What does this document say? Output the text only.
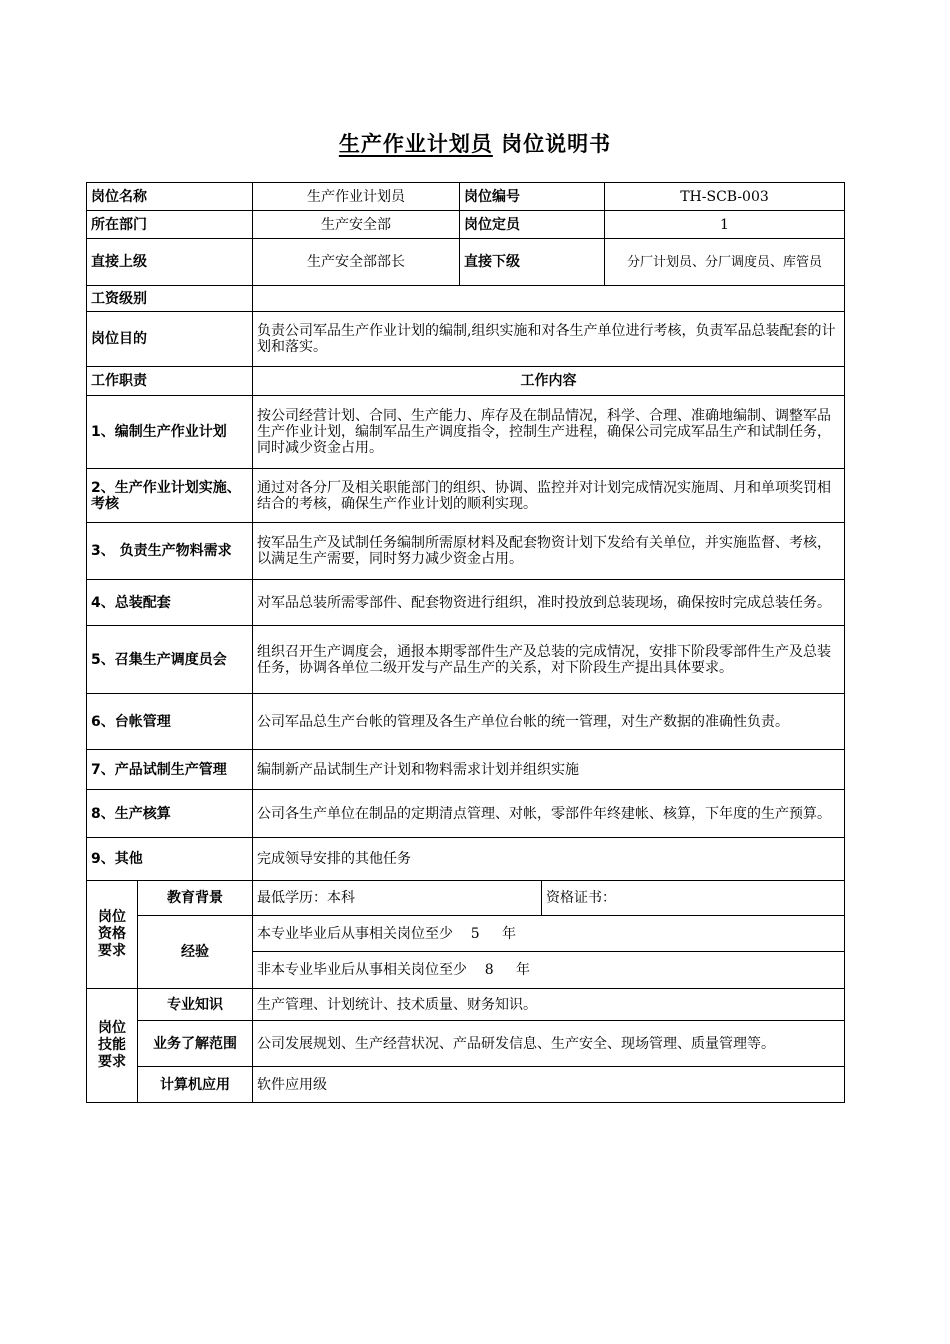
生产作业计划员 岗位说明书
岗位名称		生产作业计划员	岗位编号		TH-SCB-003
所在部门		生产安全部	岗位定员		1
直接上级		生产安全部部长	直接下级		分厂计划员、分厂调度员、库管员
工资级别					
岗位目的		负责公司军品生产作业计划的编制,组织实施和对各生产单位进行考核，负责军品总装配套的计划和落实。			
工作职责		工作内容			
1、编制生产作业计划		按公司经营计划、合同、生产能力、库存及在制品情况，科学、合理、准确地编制、调整军品生产作业计划，编制军品生产调度指令，控制生产进程，确保公司完成军品生产和试制任务，同时减少资金占用。			
2、生产作业计划实施、考核		通过对各分厂及相关职能部门的组织、协调、监控并对计划完成情况实施周、月和单项奖罚相结合的考核，确保生产作业计划的顺利实现。			
3、 负责生产物料需求		按军品生产及试制任务编制所需原材料及配套物资计划下发给有关单位，并实施监督、考核，以满足生产需要，同时努力减少资金占用。			
4、总装配套		对军品总装所需零部件、配套物资进行组织，准时投放到总装现场，确保按时完成总装任务。			
5、召集生产调度员会		组织召开生产调度会，通报本期零部件生产及总装的完成情况，安排下阶段零部件生产及总装任务，协调各单位二级开发与产品生产的关系，对下阶段生产提出具体要求。			
6、台帐管理		公司军品总生产台帐的管理及各生产单位台帐的统一管理，对生产数据的准确性负责。			
7、产品试制生产管理		编制新产品试制生产计划和物料需求计划并组织实施			
8、生产核算		公司各生产单位在制品的定期清点管理、对帐，零部件年终建帐、核算，下年度的生产预算。			
9、其他		完成领导安排的其他任务			
岗位资格要求	教育背景	最低学历：本科		资格证书：	
	经验	本专业毕业后从事相关岗位至少    5     年			
		非本专业毕业后从事相关岗位至少    8     年			
岗位技能要求	专业知识	生产管理、计划统计、技术质量、财务知识。			
	业务了解范围	公司发展规划、生产经营状况、产品研发信息、生产安全、现场管理、质量管理等。			
	计算机应用	软件应用级			
